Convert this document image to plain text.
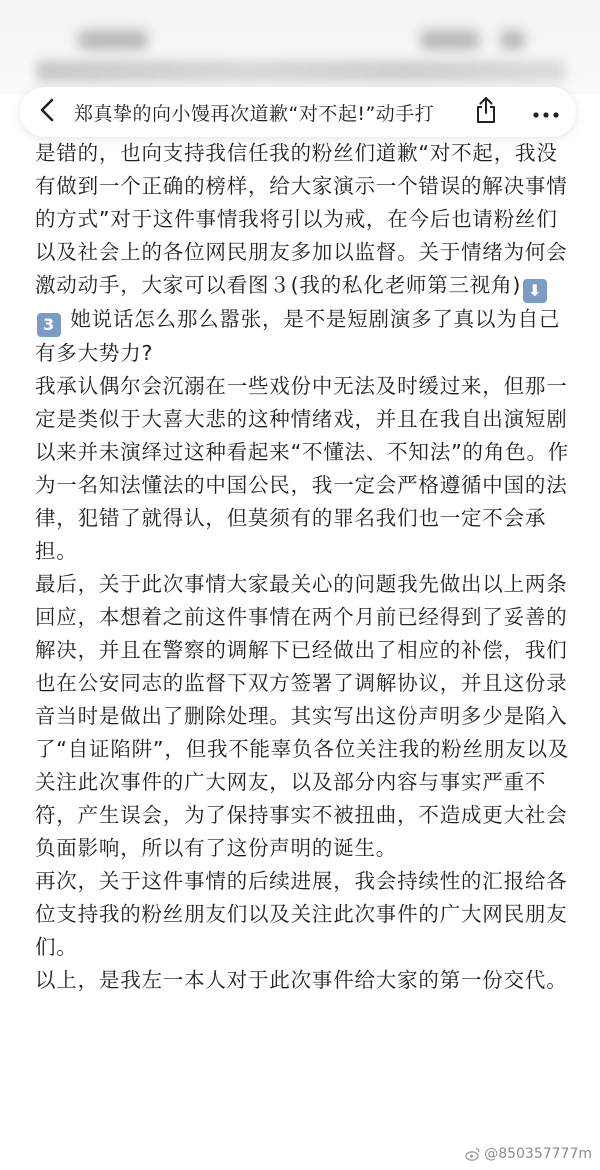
郑真挚的向小馒再次道歉“对不起!”动手打

是错的，也向支持我信任我的粉丝们道歉“对不起，我没有做到一个正确的榜样，给大家演示一个错误的解决事情的方式”对于这件事情我将引以为戒，在今后也请粉丝们以及社会上的各位网民朋友多加以监督。关于情绪为何会激动动手，大家可以看图３(我的私化老师第三视角) ⬇

3 她说话怎么那么嚣张，是不是短剧演多了真以为自己有多大势力?

我承认偶尔会沉溺在一些戏份中无法及时缓过来，但那一定是类似于大喜大悲的这种情绪戏，并且在我自出演短剧以来并未演绎过这种看起来“不懂法、不知法”的角色。作为一名知法懂法的中国公民，我一定会严格遵循中国的法律，犯错了就得认，但莫须有的罪名我们也一定不会承担。

最后，关于此次事情大家最关心的问题我先做出以上两条回应，本想着之前这件事情在两个月前已经得到了妥善的解决，并且在警察的调解下已经做出了相应的补偿，我们也在公安同志的监督下双方签署了调解协议，并且这份录音当时是做出了删除处理。其实写出这份声明多少是陷入了“自证陷阱”，但我不能辜负各位关注我的粉丝朋友以及关注此次事件的广大网友，以及部分内容与事实严重不符，产生误会，为了保持事实不被扭曲，不造成更大社会负面影响，所以有了这份声明的诞生。

再次，关于这件事情的后续进展，我会持续性的汇报给各位支持我的粉丝朋友们以及关注此次事件的广大网民朋友们。

以上，是我左一本人对于此次事件给大家的第一份交代。

@850357777m
